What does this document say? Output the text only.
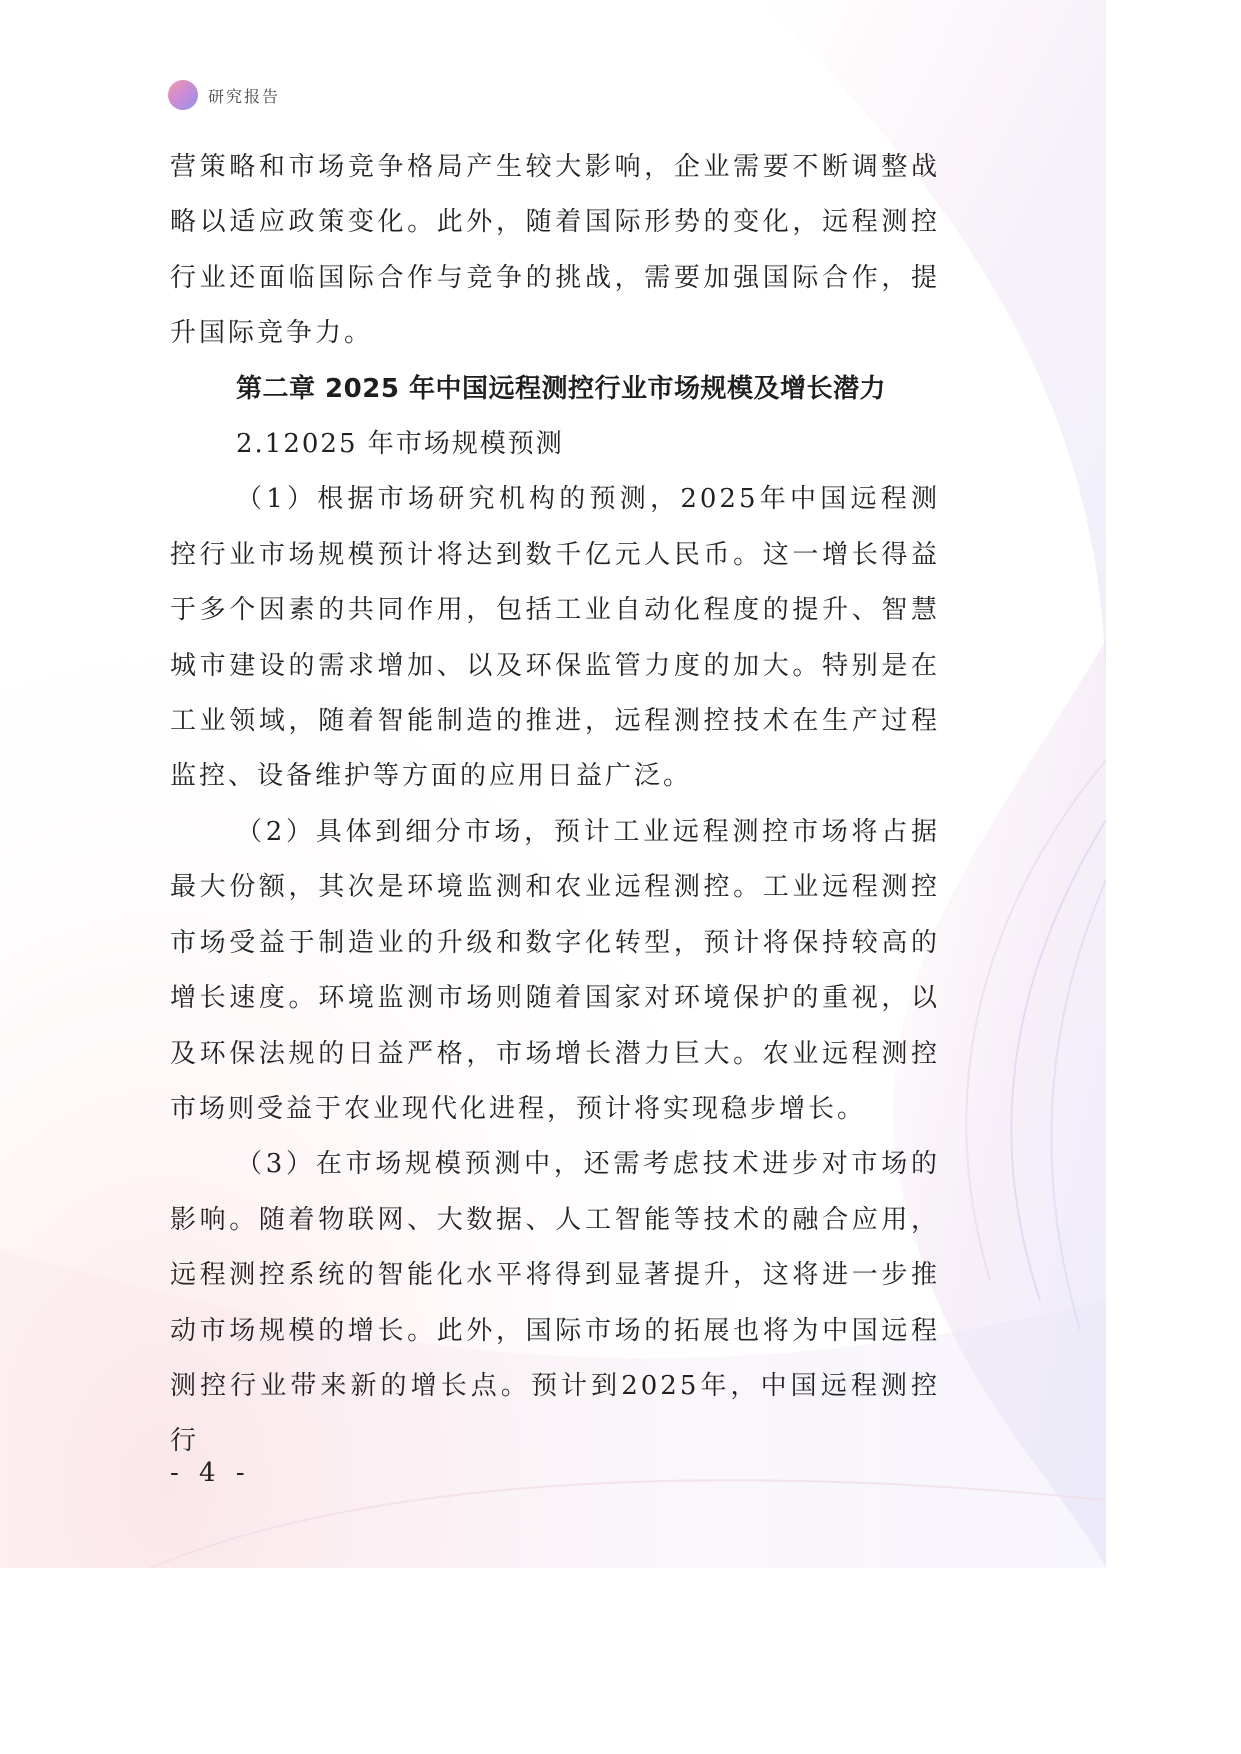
研究报告

营策略和市场竞争格局产生较大影响，企业需要不断调整战略以适应政策变化。此外，随着国际形势的变化，远程测控行业还面临国际合作与竞争的挑战，需要加强国际合作，提升国际竞争力。

第二章 2025 年中国远程测控行业市场规模及增长潜力

2.12025 年市场规模预测

（1）根据市场研究机构的预测，2025年中国远程测控行业市场规模预计将达到数千亿元人民币。这一增长得益于多个因素的共同作用，包括工业自动化程度的提升、智慧城市建设的需求增加、以及环保监管力度的加大。特别是在工业领域，随着智能制造的推进，远程测控技术在生产过程监控、设备维护等方面的应用日益广泛。

（2）具体到细分市场，预计工业远程测控市场将占据最大份额，其次是环境监测和农业远程测控。工业远程测控市场受益于制造业的升级和数字化转型，预计将保持较高的增长速度。环境监测市场则随着国家对环境保护的重视，以及环保法规的日益严格，市场增长潜力巨大。农业远程测控市场则受益于农业现代化进程，预计将实现稳步增长。

（3）在市场规模预测中，还需考虑技术进步对市场的影响。随着物联网、大数据、人工智能等技术的融合应用，远程测控系统的智能化水平将得到显著提升，这将进一步推动市场规模的增长。此外，国际市场的拓展也将为中国远程测控行业带来新的增长点。预计到2025年，中国远程测控行

- 4 -
